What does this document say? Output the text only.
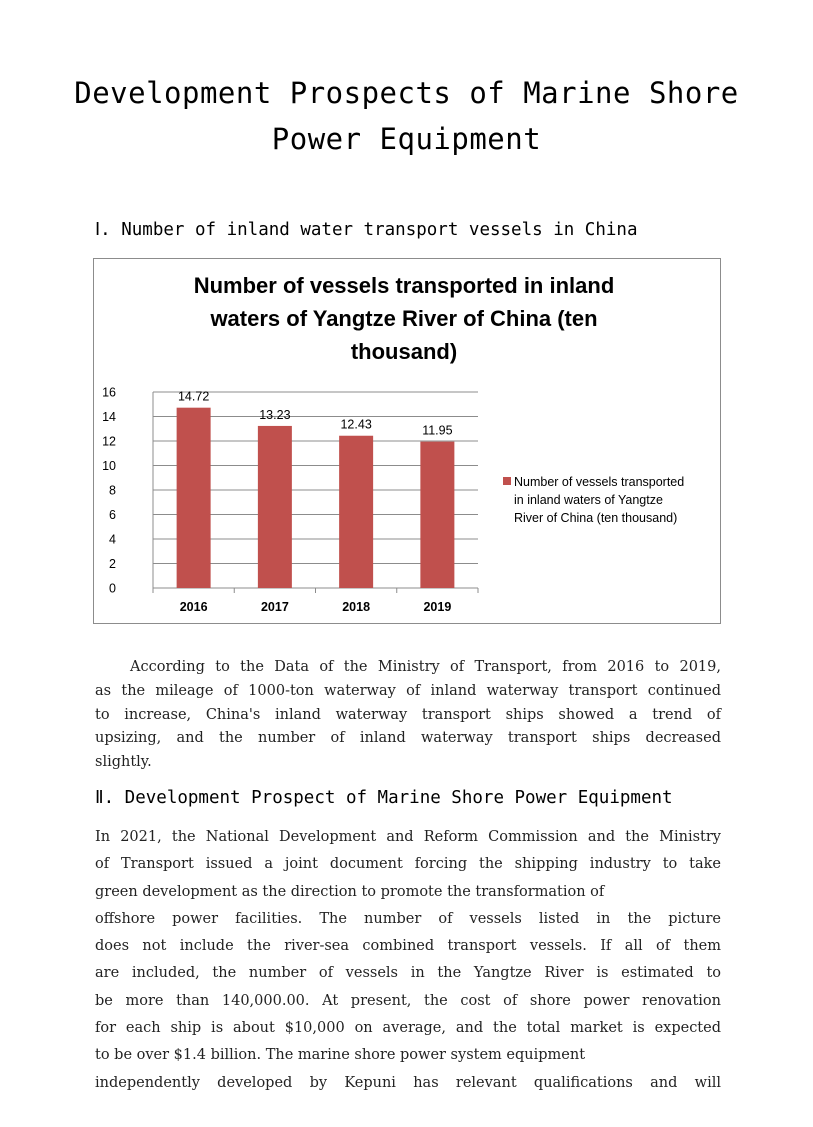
Development Prospects of Marine Shore
Power Equipment
Ⅰ. Number of inland water transport vessels in China
Number of vessels transported in inland
waters of Yangtze River of China (ten
thousand)
0
2
4
6
8
10
12
14
16	14.72
2016
13.23
2017
12.43
2018
11.95
2019
Number of vessels transported
in inland waters of Yangtze
River of China (ten thousand)
According to the Data of the Ministry of Transport, from 2016 to 2019,
as the mileage of 1000-ton waterway of inland waterway transport continued
to increase, China's inland waterway transport ships showed a trend of
upsizing, and the number of inland waterway transport ships decreased
slightly.
Ⅱ. Development Prospect of Marine Shore Power Equipment
In 2021, the National Development and Reform Commission and the Ministry
of Transport issued a joint document forcing the shipping industry to take
green development as the direction to promote the transformation of
offshore power facilities. The number of vessels listed in the picture
does not include the river-sea combined transport vessels. If all of them
are included, the number of vessels in the Yangtze River is estimated to
be more than 140,000.00. At present, the cost of shore power renovation
for each ship is about $10,000 on average, and the total market is expected
to be over $1.4 billion. The marine shore power system equipment
independently developed by Kepuni has relevant qualifications and will
